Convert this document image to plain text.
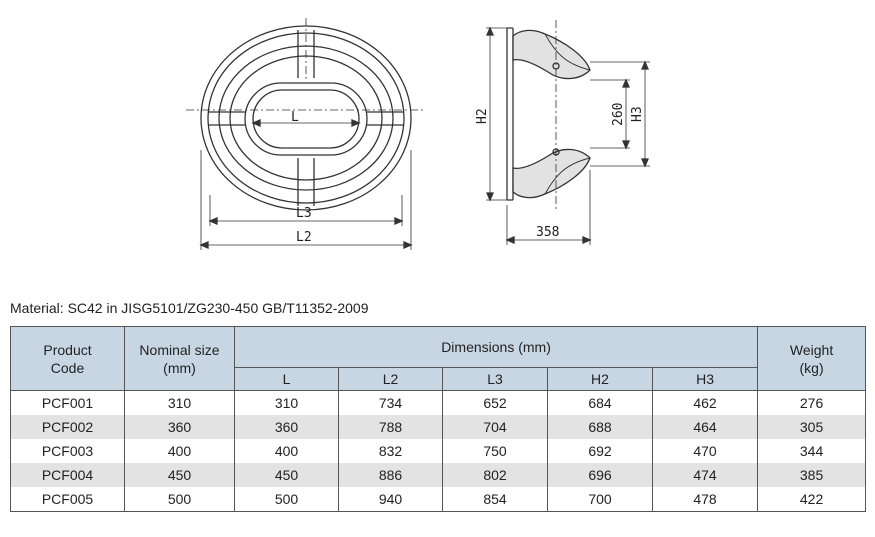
L
L3
L2
H2	260 H3
358
Material: SC42 in JISG5101/ZG230-450 GB/T11352-2009
Product
Code	Nominal size
(mm)	Dimensions (mm)					Weight
(kg)
		L	L2	L3	H2	H3	
PCF001	310	310	734	652	684	462	276
PCF002	360	360	788	704	688	464	305
PCF003	400	400	832	750	692	470	344
PCF004	450	450	886	802	696	474	385
PCF005	500	500	940	854	700	478	422
